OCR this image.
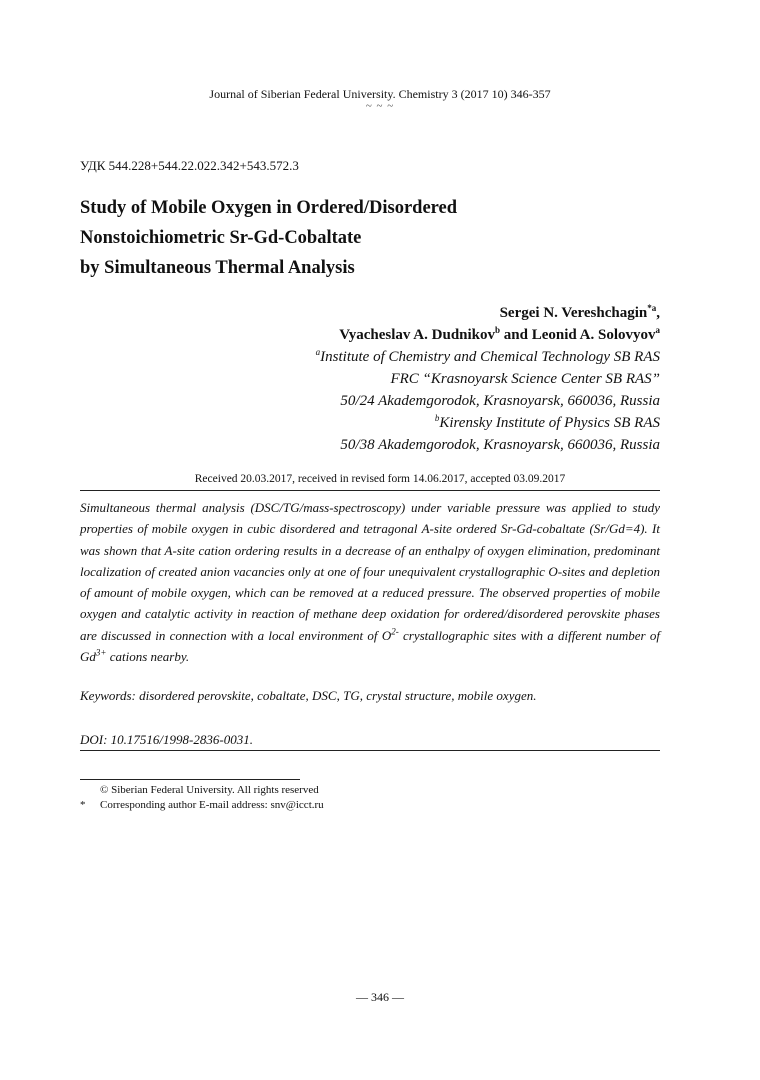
Journal of Siberian Federal University. Chemistry 3 (2017 10) 346-357
~ ~ ~
УДК 544.228+544.22.022.342+543.572.3
Study of Mobile Oxygen in Ordered/Disordered
Nonstoichiometric Sr-Gd-Cobaltate
by Simultaneous Thermal Analysis
Sergei N. Vereshchagin$^{*a}$,
Vyacheslav A. Dudnikov$^b$ and Leonid A. Solovyov$^a$
$^a$Institute of Chemistry and Chemical Technology SB RAS
FRC “Krasnoyarsk Science Center SB RAS”
50/24 Akademgorodok, Krasnoyarsk, 660036, Russia
$^b$Kirensky Institute of Physics SB RAS
50/38 Akademgorodok, Krasnoyarsk, 660036, Russia
Received 20.03.2017, received in revised form 14.06.2017, accepted 03.09.2017
Simultaneous thermal analysis (DSC/TG/mass-spectroscopy) under variable pressure was applied to study properties of mobile oxygen in cubic disordered and tetragonal A-site ordered Sr-Gd-cobaltate (Sr/Gd=4). It was shown that A-site cation ordering results in a decrease of an enthalpy of oxygen elimination, predominant localization of created anion vacancies only at one of four unequivalent crystallographic O-sites and depletion of amount of mobile oxygen, which can be removed at a reduced pressure. The observed properties of mobile oxygen and catalytic activity in reaction of methane deep oxidation for ordered/disordered perovskite phases are discussed in connection with a local environment of $O^{2-}$ crystallographic sites with a different number of $Gd^{3+}$ cations nearby.
Keywords: disordered perovskite, cobaltate, DSC, TG, crystal structure, mobile oxygen.
DOI: 10.17516/1998-2836-0031.
© Siberian Federal University. All rights reserved
* Corresponding author E-mail address: snv@icct.ru
— 346 —
